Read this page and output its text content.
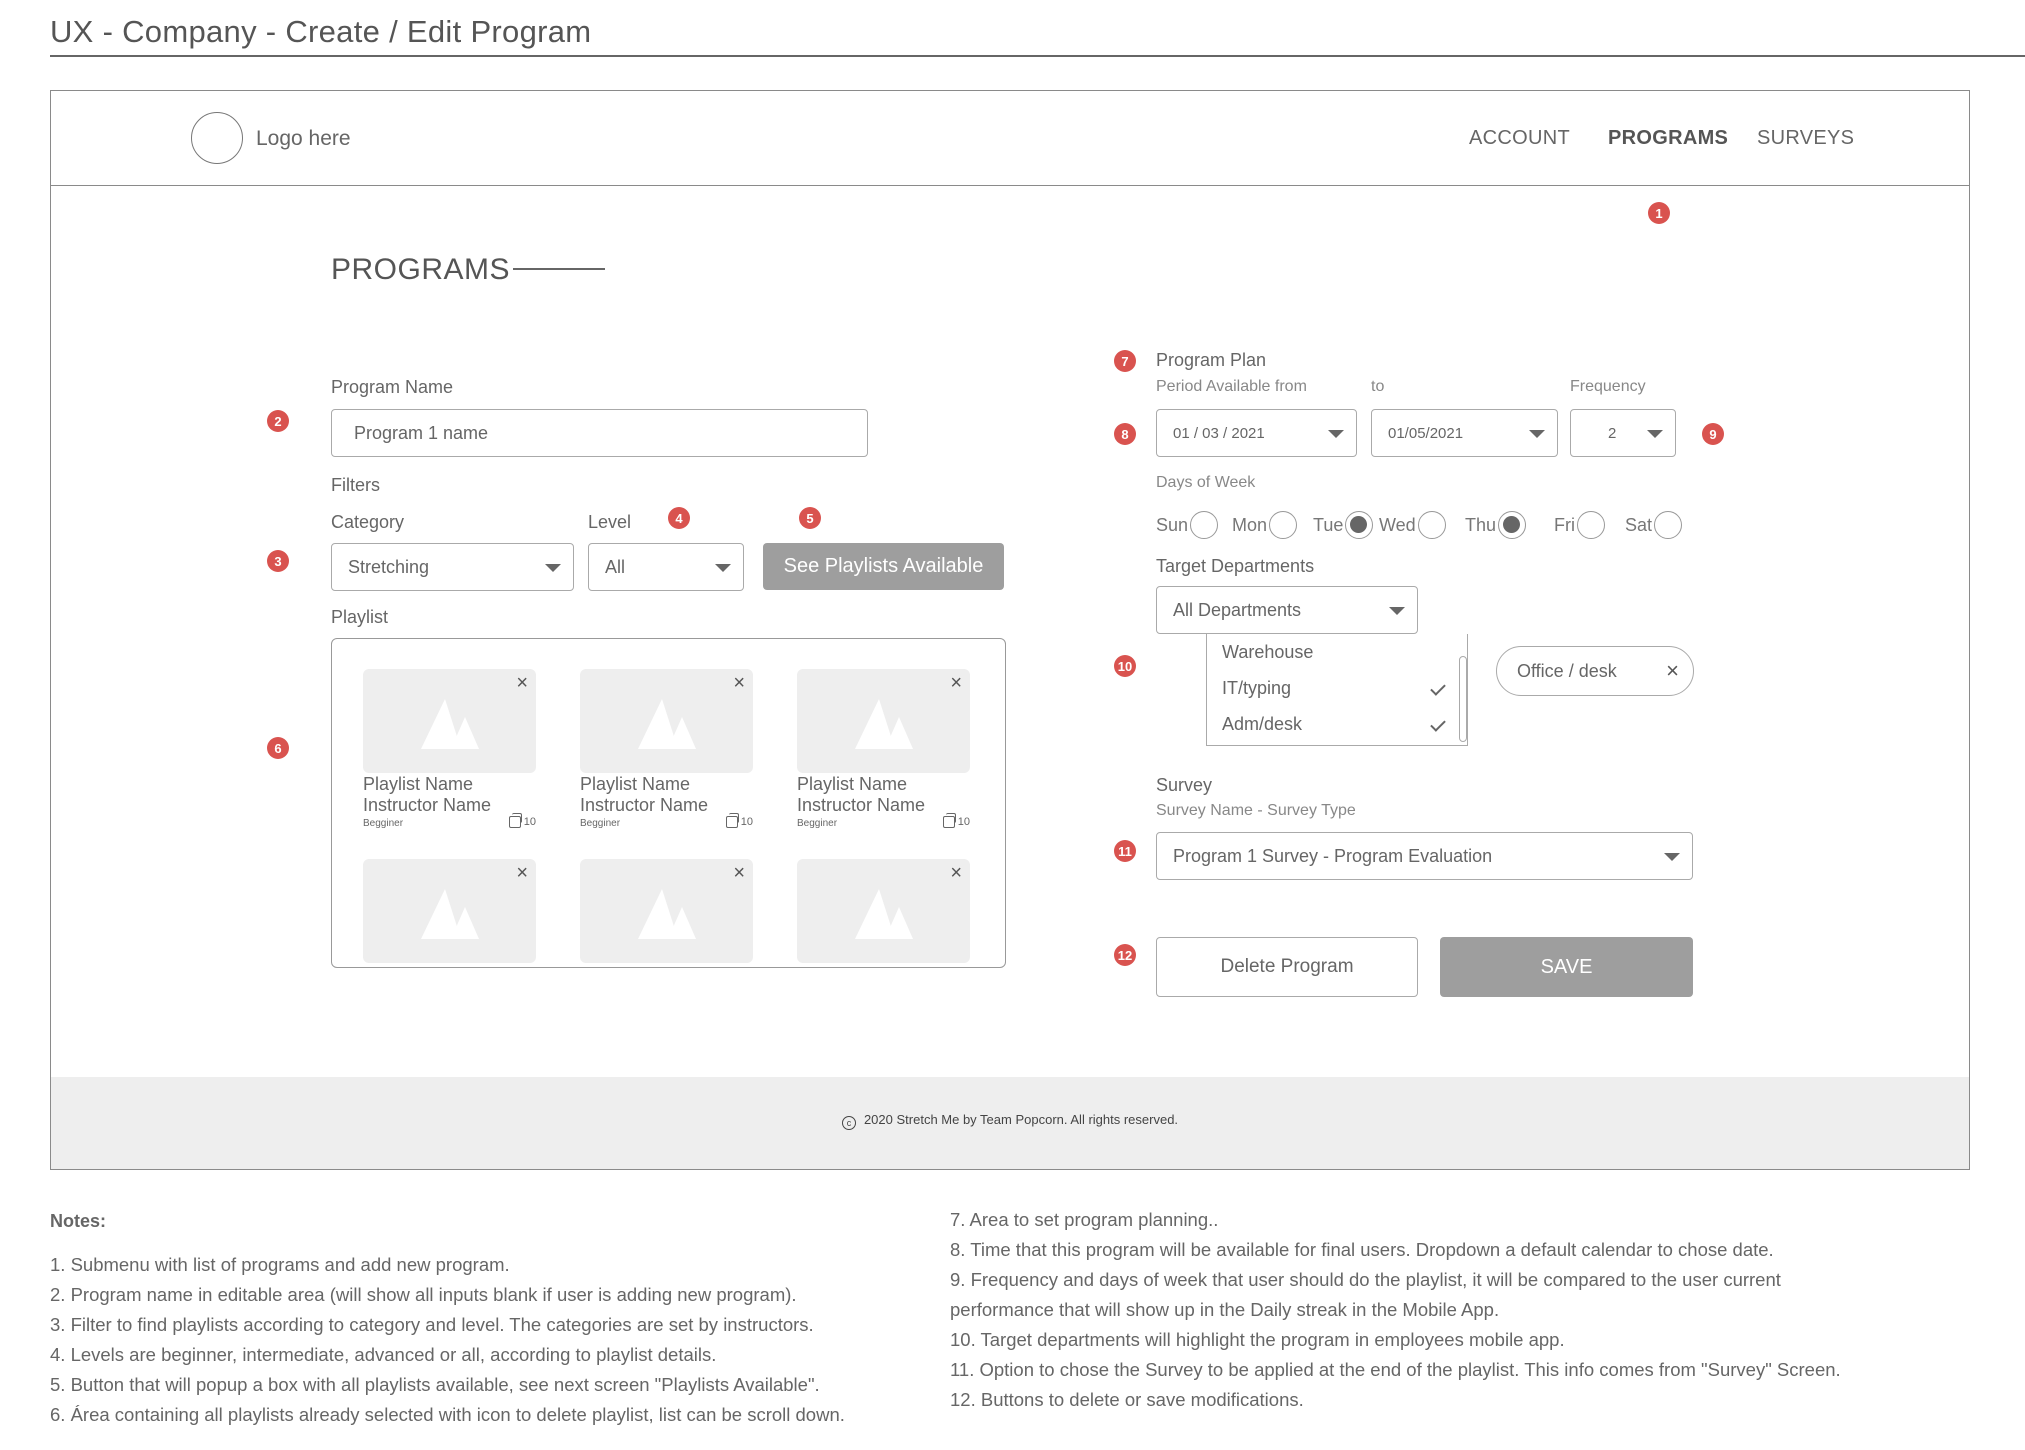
UX - Company - Create / Edit Program
Logo here	ACCOUNT PROGRAMS SURVEYS
1
2
3
4	5
6
7
8	9
10
11
12
PROGRAMS
Program Name
Program 1 name
Filters
Category
Stretching
Level
All	See Playlists Available
Playlist
×
Playlist Name
Instructor Name
Begginer	10
×
Playlist Name
Instructor Name
Begginer	10
×
Playlist Name
Instructor Name
Begginer	10
×	×	×
Program Plan
Period Available from	to	Frequency
01 / 03 / 2021	01/05/2021	2
Days of Week
Sun Mon	Tue Wed	Thu	Fri	Sat
Target Departments
All Departments
Warehouse
IT/typing
Adm/desk
Office / desk ×
Survey
Survey Name - Survey Type
Program 1 Survey - Program Evaluation
Delete Program	SAVE
c 2020 Stretch Me by Team Popcorn. All rights reserved.
Notes:
1. Submenu with list of programs and add new program.
2. Program name in editable area (will show all inputs blank if user is adding new program).
3. Filter to find playlists according to category and level. The categories are set by instructors.
4. Levels are beginner, intermediate, advanced or all, according to playlist details.
5. Button that will popup a box with all playlists available, see next screen "Playlists Available".
6. Área containing all playlists already selected with icon to delete playlist, list can be scroll down.
7. Area to set program planning..
8. Time that this program will be available for final users. Dropdown a default calendar to chose date.
9. Frequency and days of week that user should do the playlist, it will be compared to the user current
performance that will show up in the Daily streak in the Mobile App.
10. Target departments will highlight the program in employees mobile app.
11. Option to chose the Survey to be applied at the end of the playlist. This info comes from "Survey" Screen.
12. Buttons to delete or save modifications.
